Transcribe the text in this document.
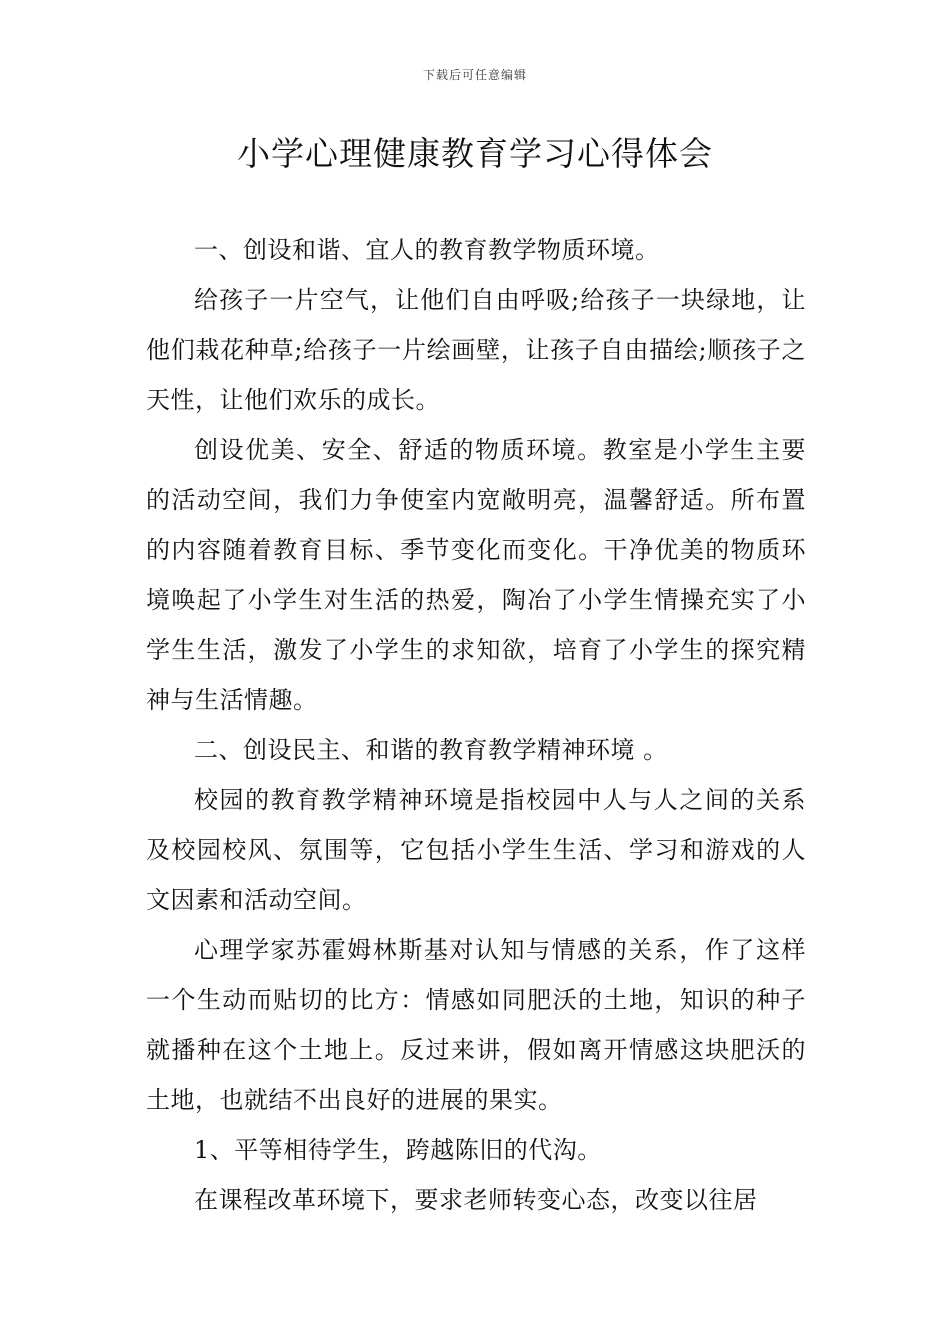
下载后可任意编辑
小学心理健康教育学习心得体会

一、创设和谐、宜人的教育教学物质环境。

给孩子一片空气，让他们自由呼吸;给孩子一块绿地，让他们栽花种草;给孩子一片绘画壁，让孩子自由描绘;顺孩子之天性，让他们欢乐的成长。

创设优美、安全、舒适的物质环境。教室是小学生主要的活动空间，我们力争使室内宽敞明亮，温馨舒适。所布置的内容随着教育目标、季节变化而变化。干净优美的物质环境唤起了小学生对生活的热爱，陶冶了小学生情操充实了小学生生活，激发了小学生的求知欲，培育了小学生的探究精神与生活情趣。

二、创设民主、和谐的教育教学精神环境 。

校园的教育教学精神环境是指校园中人与人之间的关系及校园校风、氛围等，它包括小学生生活、学习和游戏的人文因素和活动空间。

心理学家苏霍姆林斯基对认知与情感的关系，作了这样一个生动而贴切的比方：情感如同肥沃的土地，知识的种子就播种在这个土地上。反过来讲，假如离开情感这块肥沃的土地，也就结不出良好的进展的果实。

1、平等相待学生，跨越陈旧的代沟。

在课程改革环境下，要求老师转变心态，改变以往居
